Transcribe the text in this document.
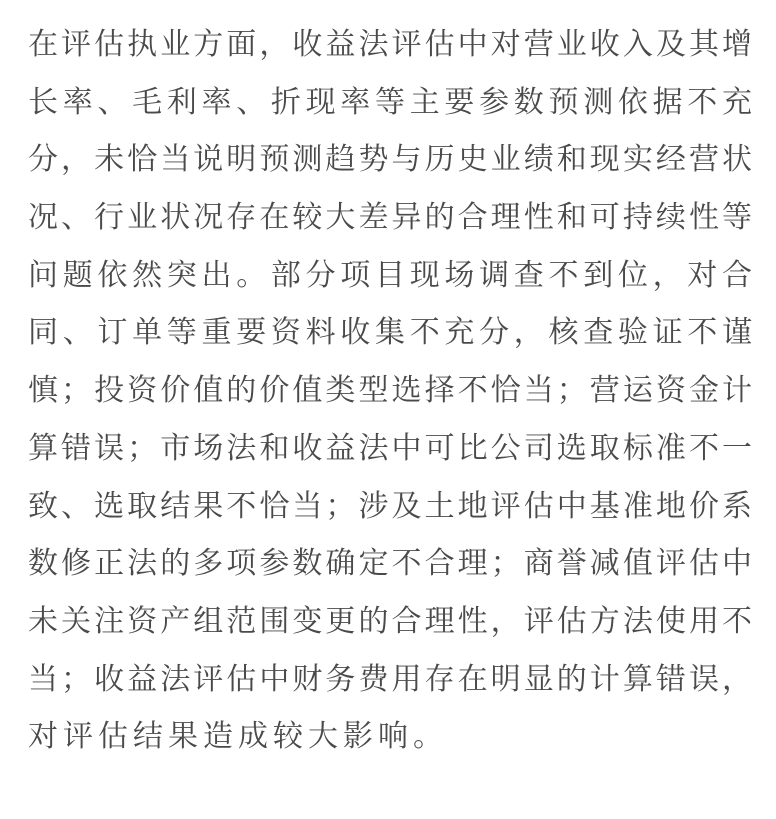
在评估执业方面，收益法评估中对营业收入及其增
长率、毛利率、折现率等主要参数预测依据不充
分，未恰当说明预测趋势与历史业绩和现实经营状
况、行业状况存在较大差异的合理性和可持续性等
问题依然突出。部分项目现场调查不到位，对合
同、订单等重要资料收集不充分，核查验证不谨
慎；投资价值的价值类型选择不恰当；营运资金计
算错误；市场法和收益法中可比公司选取标准不一
致、选取结果不恰当；涉及土地评估中基准地价系
数修正法的多项参数确定不合理；商誉减值评估中
未关注资产组范围变更的合理性，评估方法使用不
当；收益法评估中财务费用存在明显的计算错误，
对评估结果造成较大影响。
